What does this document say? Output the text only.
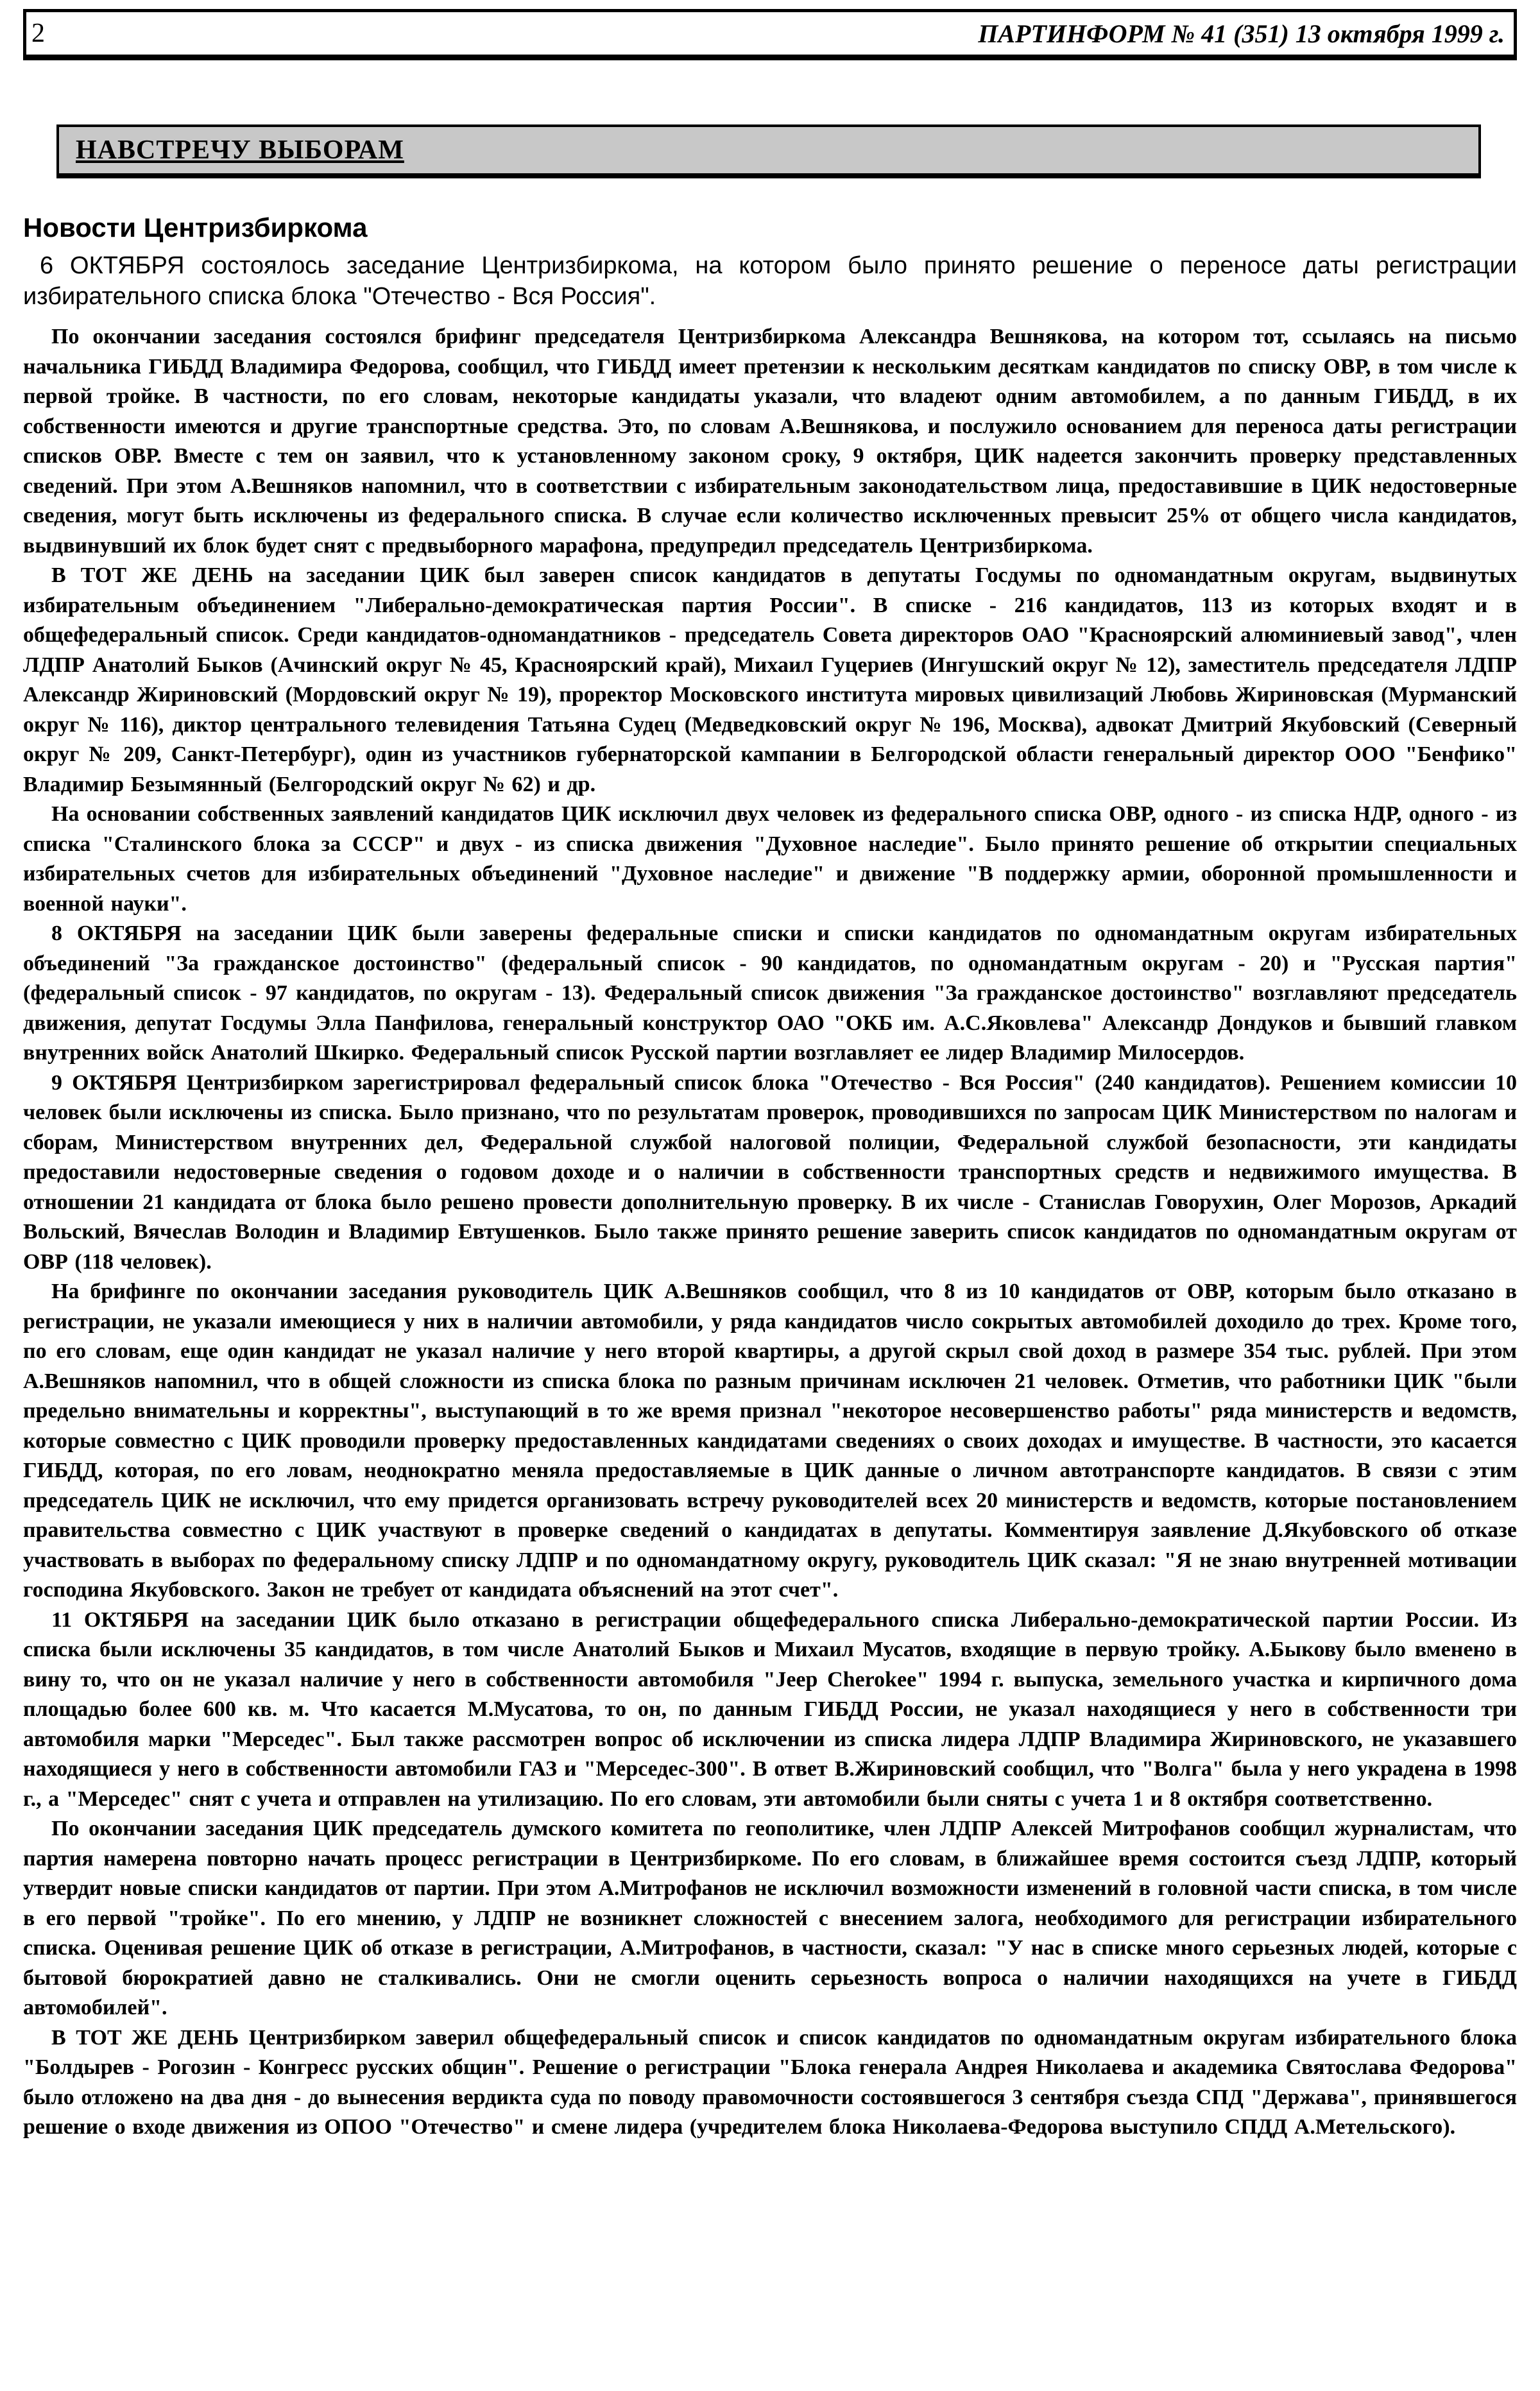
2	ПАРТИНФОРМ № 41 (351) 13 октября 1999 г.
НАВСТРЕЧУ ВЫБОРАМ
Новости Центризбиркома

6 ОКТЯБРЯ состоялось заседание Центризбиркома, на котором было принято решение о переносе даты регистрации избирательного списка блока "Отечество - Вся Россия".

По окончании заседания состоялся брифинг председателя Центризбиркома Александра Вешнякова, на котором тот, ссылаясь на письмо начальника ГИБДД Владимира Федорова, сообщил, что ГИБДД имеет претензии к нескольким десяткам кандидатов по списку ОВР, в том числе к первой тройке. В частности, по его словам, некоторые кандидаты указали, что владеют одним автомобилем, а по данным ГИБДД, в их собственности имеются и другие транспортные средства. Это, по словам А.Вешнякова, и послужило основанием для переноса даты регистрации списков ОВР. Вместе с тем он заявил, что к установленному законом сроку, 9 октября, ЦИК надеется закончить проверку представленных сведений. При этом А.Вешняков напомнил, что в соответствии с избирательным законодательством лица, предоставившие в ЦИК недостоверные сведения, могут быть исключены из федерального списка. В случае если количество исключенных превысит 25% от общего числа кандидатов, выдвинувший их блок будет снят с предвыборного марафона, предупредил председатель Центризбиркома.

В ТОТ ЖЕ ДЕНЬ на заседании ЦИК был заверен список кандидатов в депутаты Госдумы по одномандатным округам, выдвинутых избирательным объединением "Либерально-демократическая партия России". В списке - 216 кандидатов, 113 из которых входят и в общефедеральный список. Среди кандидатов-одномандатников - председатель Совета директоров ОАО "Красноярский алюминиевый завод", член ЛДПР Анатолий Быков (Ачинский округ № 45, Красноярский край), Михаил Гуцериев (Ингушский округ № 12), заместитель председателя ЛДПР Александр Жириновский (Мордовский округ № 19), проректор Московского института мировых цивилизаций Любовь Жириновская (Мурманский округ № 116), диктор центрального телевидения Татьяна Судец (Медведковский округ № 196, Москва), адвокат Дмитрий Якубовский (Северный округ № 209, Санкт-Петербург), один из участников губернаторской кампании в Белгородской области генеральный директор ООО "Бенфико" Владимир Безымянный (Белгородский округ № 62) и др.

На основании собственных заявлений кандидатов ЦИК исключил двух человек из федерального списка ОВР, одного - из списка НДР, одного - из списка "Сталинского блока за СССР" и двух - из списка движения "Духовное наследие". Было принято решение об открытии специальных избирательных счетов для избирательных объединений "Духовное наследие" и движение "В поддержку армии, оборонной промышленности и военной науки".

8 ОКТЯБРЯ на заседании ЦИК были заверены федеральные списки и списки кандидатов по одномандатным округам избирательных объединений "За гражданское достоинство" (федеральный список - 90 кандидатов, по одномандатным округам - 20) и "Русская партия" (федеральный список - 97 кандидатов, по округам - 13). Федеральный список движения "За гражданское достоинство" возглавляют председатель движения, депутат Госдумы Элла Панфилова, генеральный конструктор ОАО "ОКБ им. А.С.Яковлева" Александр Дондуков и бывший главком внутренних войск Анатолий Шкирко. Федеральный список Русской партии возглавляет ее лидер Владимир Милосердов.

9 ОКТЯБРЯ Центризбирком зарегистрировал федеральный список блока "Отечество - Вся Россия" (240 кандидатов). Решением комиссии 10 человек были исключены из списка. Было признано, что по результатам проверок, проводившихся по запросам ЦИК Министерством по налогам и сборам, Министерством внутренних дел, Федеральной службой налоговой полиции, Федеральной службой безопасности, эти кандидаты предоставили недостоверные сведения о годовом доходе и о наличии в собственности транспортных средств и недвижимого имущества. В отношении 21 кандидата от блока было решено провести дополнительную проверку. В их числе - Станислав Говорухин, Олег Морозов, Аркадий Вольский, Вячеслав Володин и Владимир Евтушенков. Было также принято решение заверить список кандидатов по одномандатным округам от ОВР (118 человек).

На брифинге по окончании заседания руководитель ЦИК А.Вешняков сообщил, что 8 из 10 кандидатов от ОВР, которым было отказано в регистрации, не указали имеющиеся у них в наличии автомобили, у ряда кандидатов число сокрытых автомобилей доходило до трех. Кроме того, по его словам, еще один кандидат не указал наличие у него второй квартиры, а другой скрыл свой доход в размере 354 тыс. рублей. При этом А.Вешняков напомнил, что в общей сложности из списка блока по разным причинам исключен 21 человек. Отметив, что работники ЦИК "были предельно внимательны и корректны", выступающий в то же время признал "некоторое несовершенство работы" ряда министерств и ведомств, которые совместно с ЦИК проводили проверку предоставленных кандидатами сведениях о своих доходах и имуществе. В частности, это касается ГИБДД, которая, по его ловам, неоднократно меняла предоставляемые в ЦИК данные о личном автотранспорте кандидатов. В связи с этим председатель ЦИК не исключил, что ему придется организовать встречу руководителей всех 20 министерств и ведомств, которые постановлением правительства совместно с ЦИК участвуют в проверке сведений о кандидатах в депутаты. Комментируя заявление Д.Якубовского об отказе участвовать в выборах по федеральному списку ЛДПР и по одномандатному округу, руководитель ЦИК сказал: "Я не знаю внутренней мотивации господина Якубовского. Закон не требует от кандидата объяснений на этот счет".

11 ОКТЯБРЯ на заседании ЦИК было отказано в регистрации общефедерального списка Либерально-демократической партии России. Из списка были исключены 35 кандидатов, в том числе Анатолий Быков и Михаил Мусатов, входящие в первую тройку. А.Быкову было вменено в вину то, что он не указал наличие у него в собственности автомобиля "Jeep Cherokee" 1994 г. выпуска, земельного участка и кирпичного дома площадью более 600 кв. м. Что касается М.Мусатова, то он, по данным ГИБДД России, не указал находящиеся у него в собственности три автомобиля марки "Мерседес". Был также рассмотрен вопрос об исключении из списка лидера ЛДПР Владимира Жириновского, не указавшего находящиеся у него в собственности автомобили ГАЗ и "Мерседес-300". В ответ В.Жириновский сообщил, что "Волга" была у него украдена в 1998 г., а "Мерседес" снят с учета и отправлен на утилизацию. По его словам, эти автомобили были сняты с учета 1 и 8 октября соответственно.

По окончании заседания ЦИК председатель думского комитета по геополитике, член ЛДПР Алексей Митрофанов сообщил журналистам, что партия намерена повторно начать процесс регистрации в Центризбиркоме. По его словам, в ближайшее время состоится съезд ЛДПР, который утвердит новые списки кандидатов от партии. При этом А.Митрофанов не исключил возможности изменений в головной части списка, в том числе в его первой "тройке". По его мнению, у ЛДПР не возникнет сложностей с внесением залога, необходимого для регистрации избирательного списка. Оценивая решение ЦИК об отказе в регистрации, А.Митрофанов, в частности, сказал: "У нас в списке много серьезных людей, которые с бытовой бюрократией давно не сталкивались. Они не смогли оценить серьезность вопроса о наличии находящихся на учете в ГИБДД автомобилей".

В ТОТ ЖЕ ДЕНЬ Центризбирком заверил общефедеральный список и список кандидатов по одномандатным округам избирательного блока "Болдырев - Рогозин - Конгресс русских общин". Решение о регистрации "Блока генерала Андрея Николаева и академика Святослава Федорова" было отложено на два дня - до вынесения вердикта суда по поводу правомочности состоявшегося 3 сентября съезда СПД "Держава", принявшегося решение о входе движения из ОПОО "Отечество" и смене лидера (учредителем блока Николаева-Федорова выступило СПДД А.Метельского).
